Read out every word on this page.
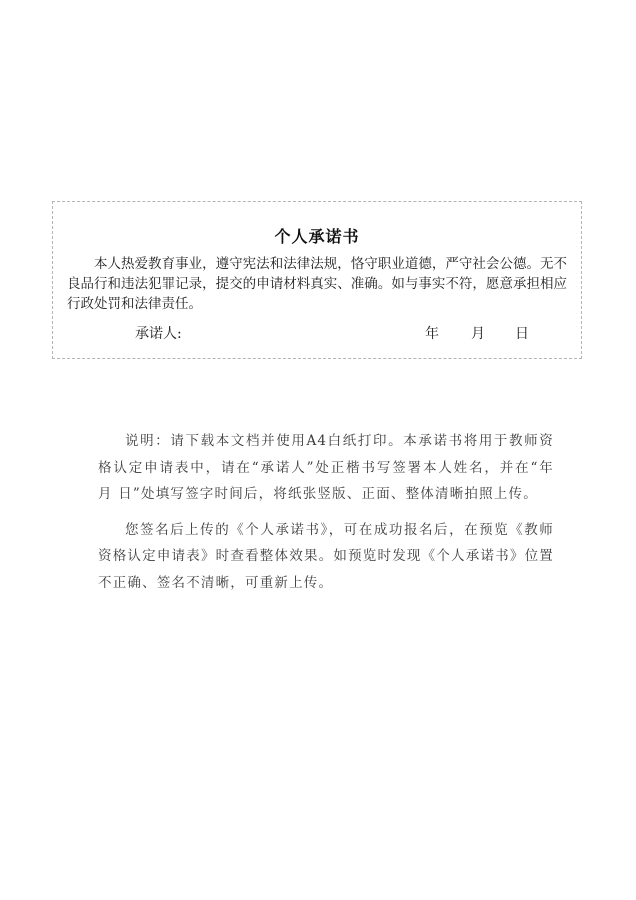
个人承诺书

本人热爱教育事业，遵守宪法和法律法规，恪守职业道德，严守社会公德。无不良品行和违法犯罪记录，提交的申请材料真实、准确。如与事实不符，愿意承担相应行政处罚和法律责任。

承诺人:	年 月 日

说明：请下载本文档并使用A4白纸打印。本承诺书将用于教师资格认定申请表中，请在“承诺人”处正楷书写签署本人姓名，并在“年 月 日”处填写签字时间后，将纸张竖版、正面、整体清晰拍照上传。

您签名后上传的《个人承诺书》，可在成功报名后，在预览《教师资格认定申请表》时查看整体效果。如预览时发现《个人承诺书》位置不正确、签名不清晰，可重新上传。
